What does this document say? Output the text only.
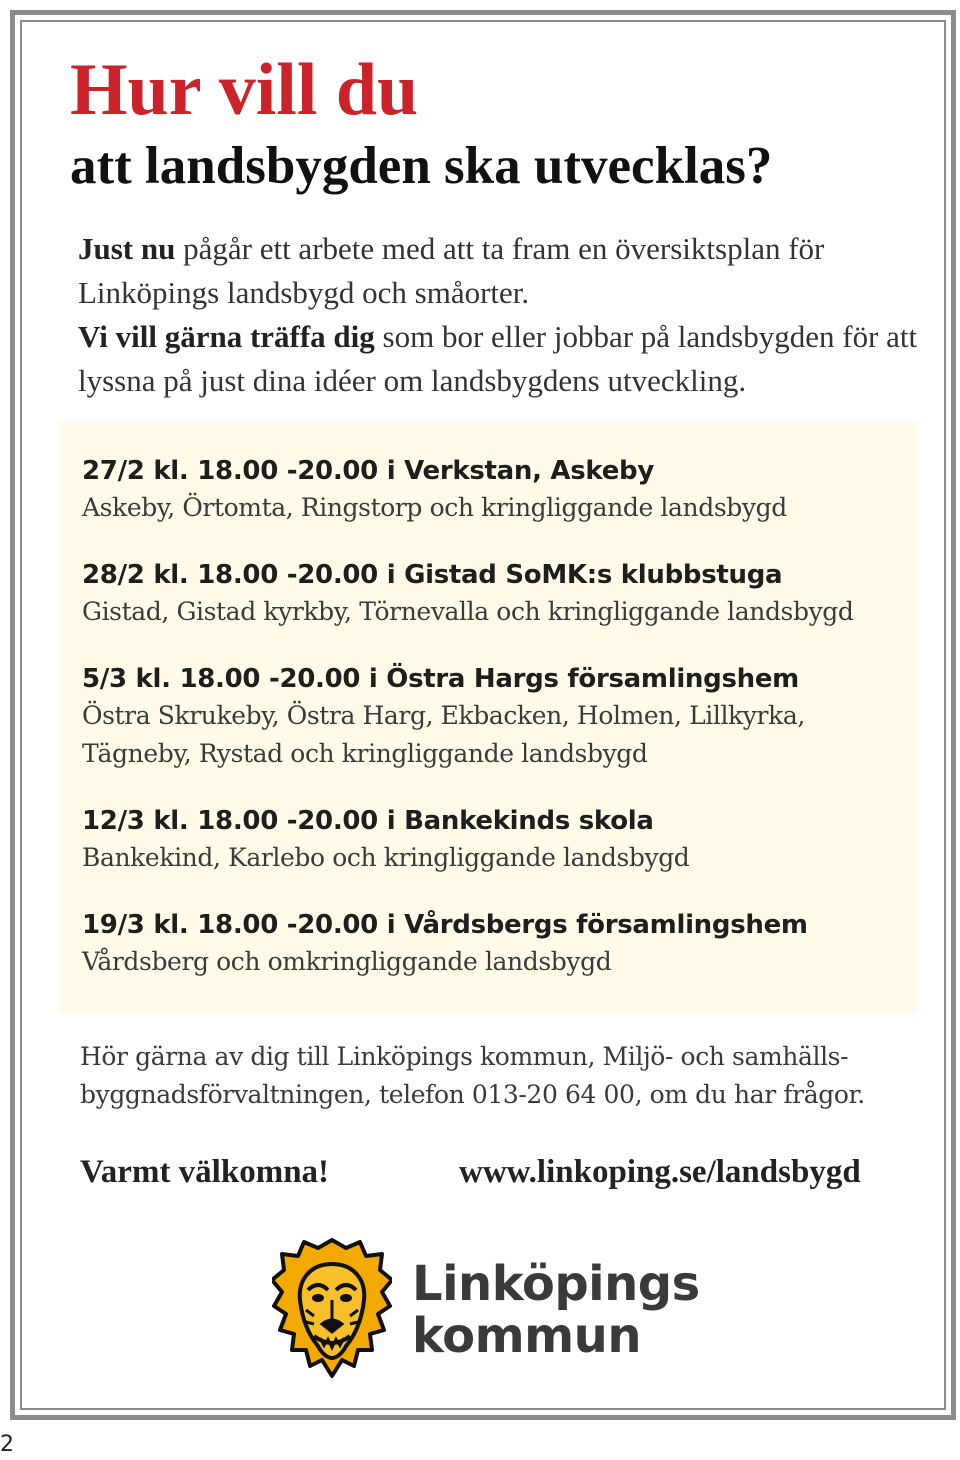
Hur vill du
att landsbygden ska utvecklas?

Just nu pågår ett arbete med att ta fram en översiktsplan för Linköpings landsbygd och småorter.

Vi vill gärna träffa dig som bor eller jobbar på landsbygden för att lyssna på just dina idéer om landsbygdens utveckling.

27/2 kl. 18.00 -20.00 i Verkstan, Askeby
Askeby, Örtomta, Ringstorp och kringliggande landsbygd
28/2 kl. 18.00 -20.00 i Gistad SoMK:s klubbstuga
Gistad, Gistad kyrkby, Törnevalla och kringliggande landsbygd
5/3 kl. 18.00 -20.00 i Östra Hargs församlingshem
Östra Skrukeby, Östra Harg, Ekbacken, Holmen, Lillkyrka,
Tägneby, Rystad och kringliggande landsbygd
12/3 kl. 18.00 -20.00 i Bankekinds skola
Bankekind, Karlebo och kringliggande landsbygd
19/3 kl. 18.00 -20.00 i Vårdsbergs församlingshem
Vårdsberg och omkringliggande landsbygd

Hör gärna av dig till Linköpings kommun, Miljö- och samhälls-

byggnadsförvaltningen, telefon 013-20 64 00, om du har frågor.

Varmt välkomna!	www.linkoping.se/landsbygd

Linköpings
kommun
2
